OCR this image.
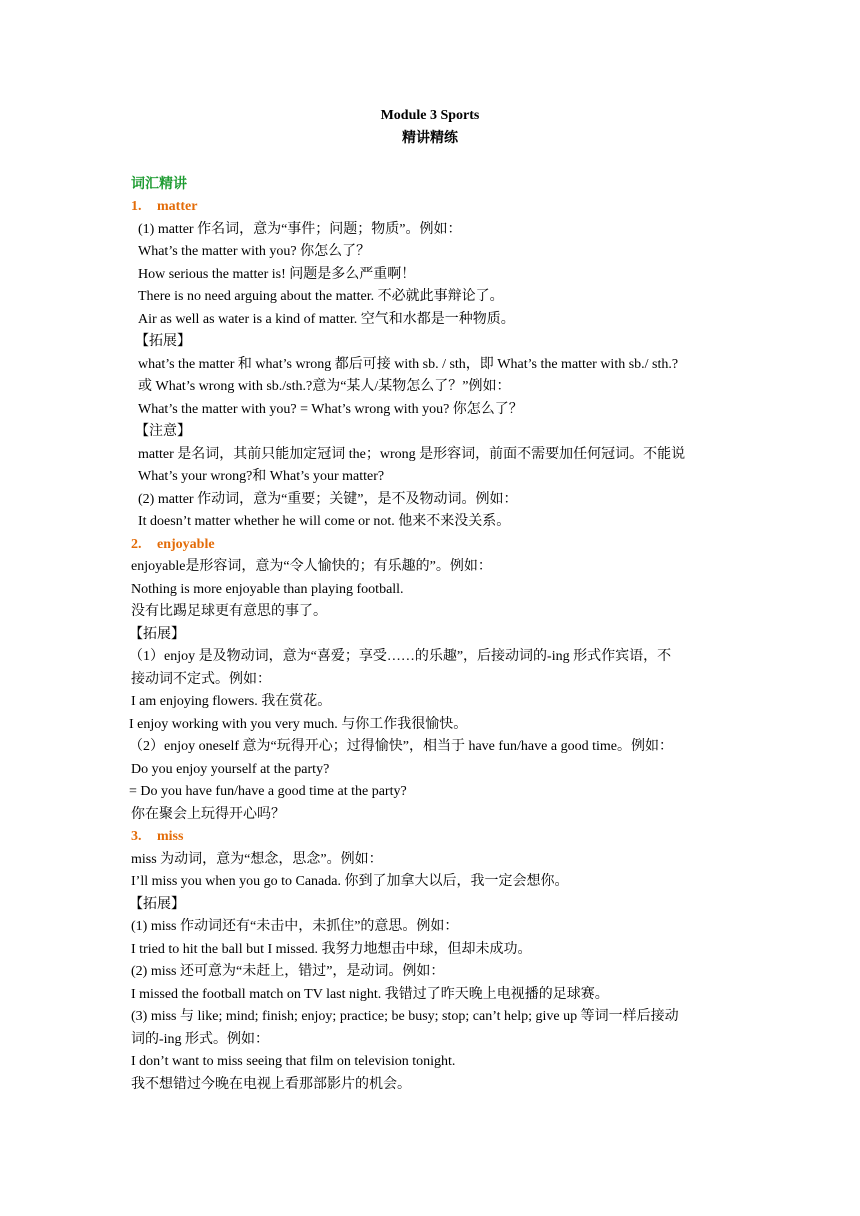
Module 3 Sports
精讲精练
词汇精讲
1. matter
(1) matter 作名词，意为“事件；问题；物质”。例如：
What’s the matter with you? 你怎么了？
How serious the matter is! 问题是多么严重啊！
There is no need arguing about the matter. 不必就此事辩论了。
Air as well as water is a kind of matter. 空气和水都是一种物质。
【拓展】
what’s the matter 和 what’s wrong 都后可接 with sb. / sth，即 What’s the matter with sb./ sth.?
或 What’s wrong with sb./sth.?意为“某人/某物怎么了？”例如：
What’s the matter with you? = What’s wrong with you? 你怎么了？
【注意】
matter 是名词，其前只能加定冠词 the；wrong 是形容词，前面不需要加任何冠词。不能说
What’s your wrong?和 What’s your matter?
(2) matter 作动词，意为“重要；关键”，是不及物动词。例如：
It doesn’t matter whether he will come or not. 他来不来没关系。
2. enjoyable
enjoyable是形容词，意为“令人愉快的；有乐趣的”。例如：
Nothing is more enjoyable than playing football.
没有比踢足球更有意思的事了。
【拓展】
（1）enjoy 是及物动词，意为“喜爱；享受……的乐趣”，后接动词的-ing 形式作宾语，不
接动词不定式。例如：
I am enjoying flowers. 我在赏花。
I enjoy working with you very much. 与你工作我很愉快。
（2）enjoy oneself 意为“玩得开心；过得愉快”，相当于 have fun/have a good time。例如：
Do you enjoy yourself at the party?
= Do you have fun/have a good time at the party?
你在聚会上玩得开心吗？
3. miss
miss 为动词，意为“想念，思念”。例如：
I’ll miss you when you go to Canada. 你到了加拿大以后，我一定会想你。
【拓展】
(1) miss 作动词还有“未击中，未抓住”的意思。例如：
I tried to hit the ball but I missed. 我努力地想击中球，但却未成功。
(2) miss 还可意为“未赶上，错过”，是动词。例如：
I missed the football match on TV last night. 我错过了昨天晚上电视播的足球赛。
(3) miss 与 like; mind; finish; enjoy; practice; be busy; stop; can’t help; give up 等词一样后接动
词的-ing 形式。例如：
I don’t want to miss seeing that film on television tonight.
我不想错过今晚在电视上看那部影片的机会。
